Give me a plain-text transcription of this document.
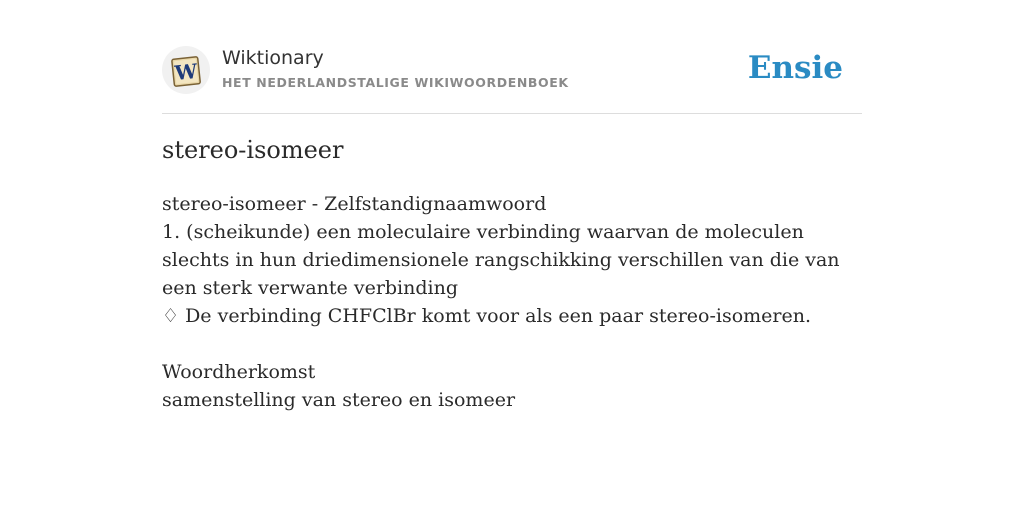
W
Wiktionary
HET NEDERLANDSTALIGE WIKIWOORDENBOEK	Ensie
stereo-isomeer

stereo-isomeer - Zelfstandignaamwoord

1. (scheikunde) een moleculaire verbinding waarvan de moleculen slechts in hun driedimensionele rangschikking verschillen van die van een sterk verwante verbinding

♢ De verbinding CHFClBr komt voor als een paar stereo-isomeren.

Woordherkomst

samenstelling van stereo en isomeer
